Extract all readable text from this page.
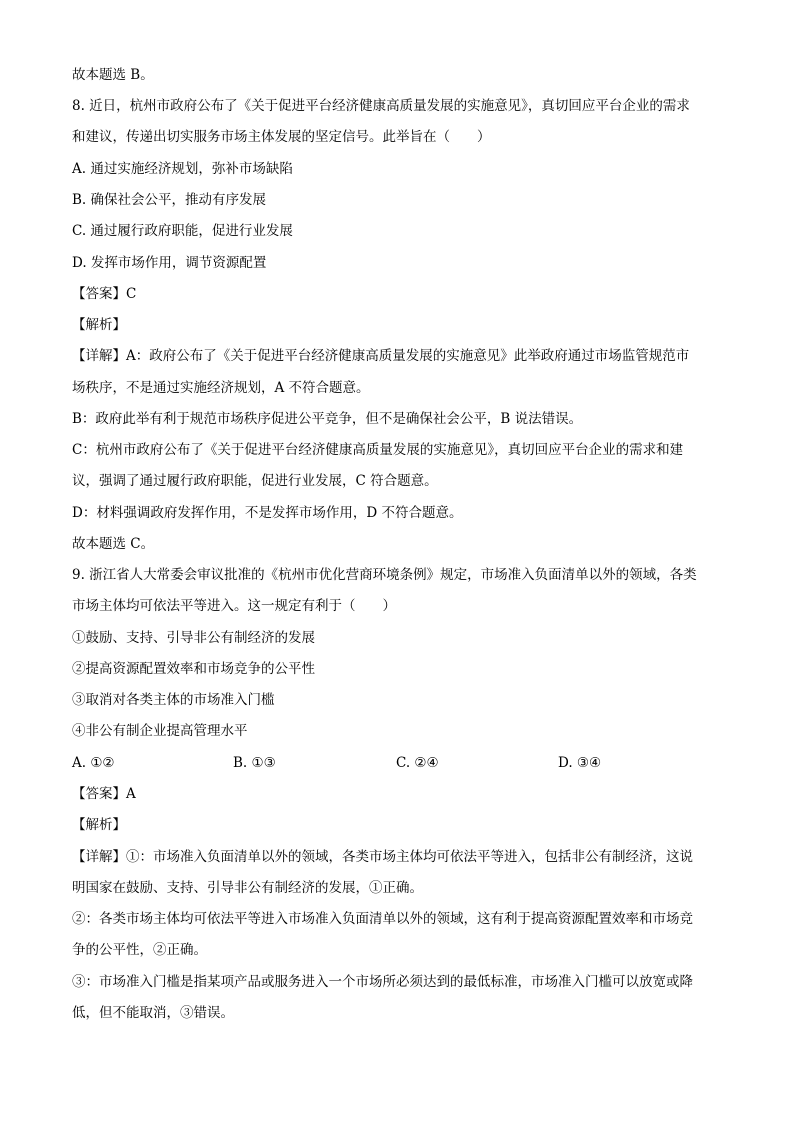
故本题选 B。
8. 近日，杭州市政府公布了《关于促进平台经济健康高质量发展的实施意见》，真切回应平台企业的需求
和建议，传递出切实服务市场主体发展的坚定信号。此举旨在（　　）
A. 通过实施经济规划，弥补市场缺陷
B. 确保社会公平，推动有序发展
C. 通过履行政府职能，促进行业发展
D. 发挥市场作用，调节资源配置
【答案】C
【解析】
【详解】A：政府公布了《关于促进平台经济健康高质量发展的实施意见》此举政府通过市场监管规范市
场秩序，不是通过实施经济规划，A 不符合题意。
B：政府此举有利于规范市场秩序促进公平竞争，但不是确保社会公平，B 说法错误。
C：杭州市政府公布了《关于促进平台经济健康高质量发展的实施意见》，真切回应平台企业的需求和建
议，强调了通过履行政府职能，促进行业发展，C 符合题意。
D：材料强调政府发挥作用，不是发挥市场作用，D 不符合题意。
故本题选 C。
9. 浙江省人大常委会审议批准的《杭州市优化营商环境条例》规定，市场准入负面清单以外的领域，各类
市场主体均可依法平等进入。这一规定有利于（　　）
①鼓励、支持、引导非公有制经济的发展
②提高资源配置效率和市场竞争的公平性
③取消对各类主体的市场准入门槛
④非公有制企业提高管理水平
A. ①②	B. ①③	C. ②④	D. ③④
【答案】A
【解析】
【详解】①：市场准入负面清单以外的领域，各类市场主体均可依法平等进入，包括非公有制经济，这说
明国家在鼓励、支持、引导非公有制经济的发展，①正确。
②：各类市场主体均可依法平等进入市场准入负面清单以外的领域，这有利于提高资源配置效率和市场竞
争的公平性，②正确。
③：市场准入门槛是指某项产品或服务进入一个市场所必须达到的最低标准，市场准入门槛可以放宽或降
低，但不能取消，③错误。
